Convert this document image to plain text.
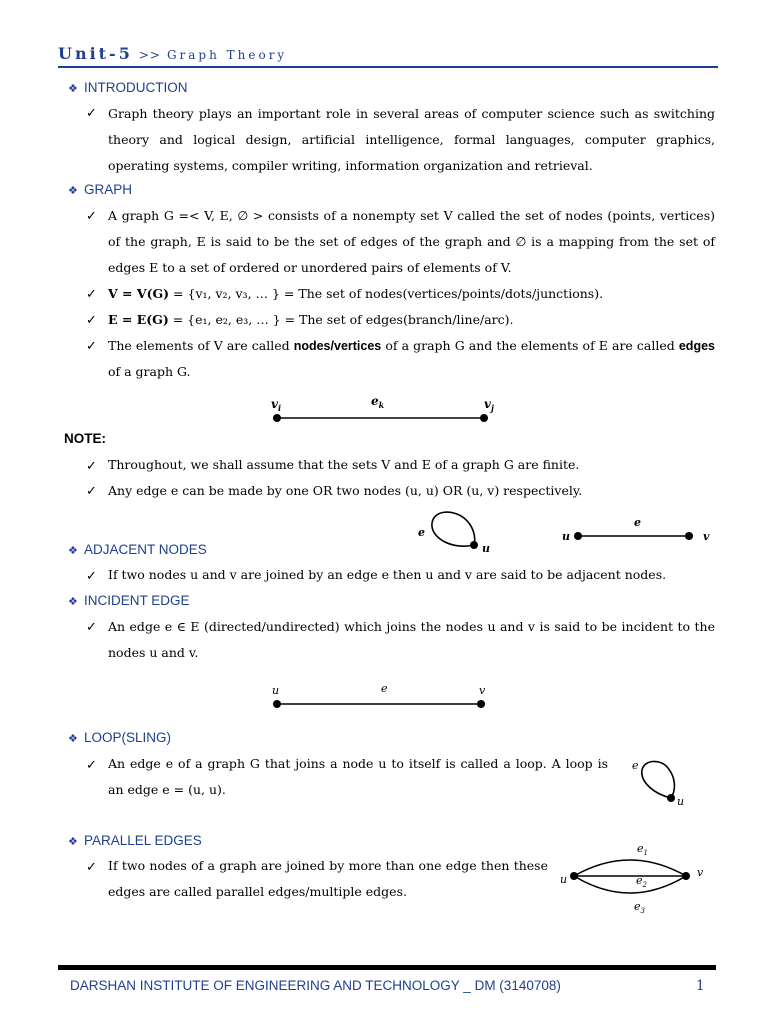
Unit-5 >> Graph Theory
❖ INTRODUCTION
✓ Graph theory plays an important role in several areas of computer science such as switching theory and logical design, artificial intelligence, formal languages, computer graphics, operating systems, compiler writing, information organization and retrieval.
❖ GRAPH
✓ A graph G =< V, E, ∅ > consists of a nonempty set V called the set of nodes (points, vertices) of the graph, E is said to be the set of edges of the graph and ∅ is a mapping from the set of edges E to a set of ordered or unordered pairs of elements of V.
✓ V = V(G) = {v₁, v₂, v₃, … } = The set of nodes(vertices/points/dots/junctions).
✓ E = E(G) = {e₁, e₂, e₃, … } = The set of edges(branch/line/arc).
✓ The elements of V are called nodes/vertices of a graph G and the elements of E are called edges of a graph G.
$v_i$	$e_k$	$v_j$
NOTE:
✓ Throughout, we shall assume that the sets V and E of a graph G are finite.
✓ Any edge e can be made by one OR two nodes (u, u) OR (u, v) respectively.
e
u
u
e
v
❖ ADJACENT NODES
✓ If two nodes u and v are joined by an edge e then u and v are said to be adjacent nodes.
❖ INCIDENT EDGE
✓ An edge e ∈ E (directed/undirected) which joins the nodes u and v is said to be incident to the nodes u and v.
u	e	v
❖ LOOP(SLING)
✓ An edge e of a graph G that joins a node u to itself is called a loop. A loop is an edge e = (u, u).
e
u
❖ PARALLEL EDGES
✓ If two nodes of a graph are joined by more than one edge then these edges are called parallel edges/multiple edges.
u
v
$e_1$
$e_2$
$e_3$
DARSHAN INSTITUTE OF ENGINEERING AND TECHNOLOGY _ DM (3140708)	1
